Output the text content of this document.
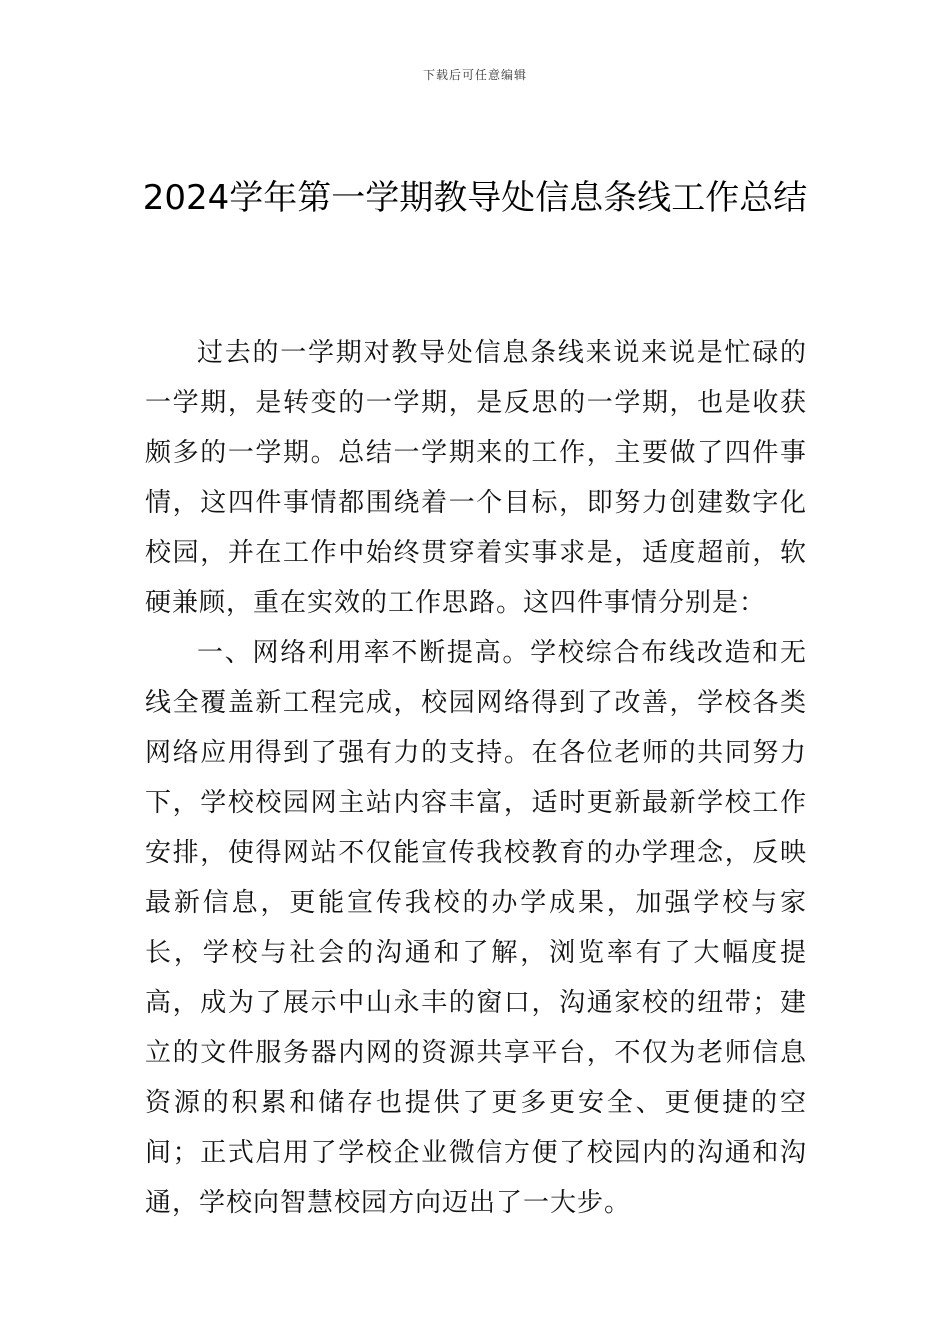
下载后可任意编辑
2024学年第一学期教导处信息条线工作总结

过去的一学期对教导处信息条线来说来说是忙碌的一学期，是转变的一学期，是反思的一学期，也是收获颇多的一学期。总结一学期来的工作，主要做了四件事情，这四件事情都围绕着一个目标，即努力创建数字化校园，并在工作中始终贯穿着实事求是，适度超前，软硬兼顾，重在实效的工作思路。这四件事情分别是：

一、网络利用率不断提高。学校综合布线改造和无线全覆盖新工程完成，校园网络得到了改善，学校各类网络应用得到了强有力的支持。在各位老师的共同努力下，学校校园网主站内容丰富，适时更新最新学校工作安排，使得网站不仅能宣传我校教育的办学理念，反映最新信息，更能宣传我校的办学成果，加强学校与家长，学校与社会的沟通和了解，浏览率有了大幅度提高，成为了展示中山永丰的窗口，沟通家校的纽带；建立的文件服务器内网的资源共享平台，不仅为老师信息资源的积累和储存也提供了更多更安全、更便捷的空间；正式启用了学校企业微信方便了校园内的沟通和沟通，学校向智慧校园方向迈出了一大步。
